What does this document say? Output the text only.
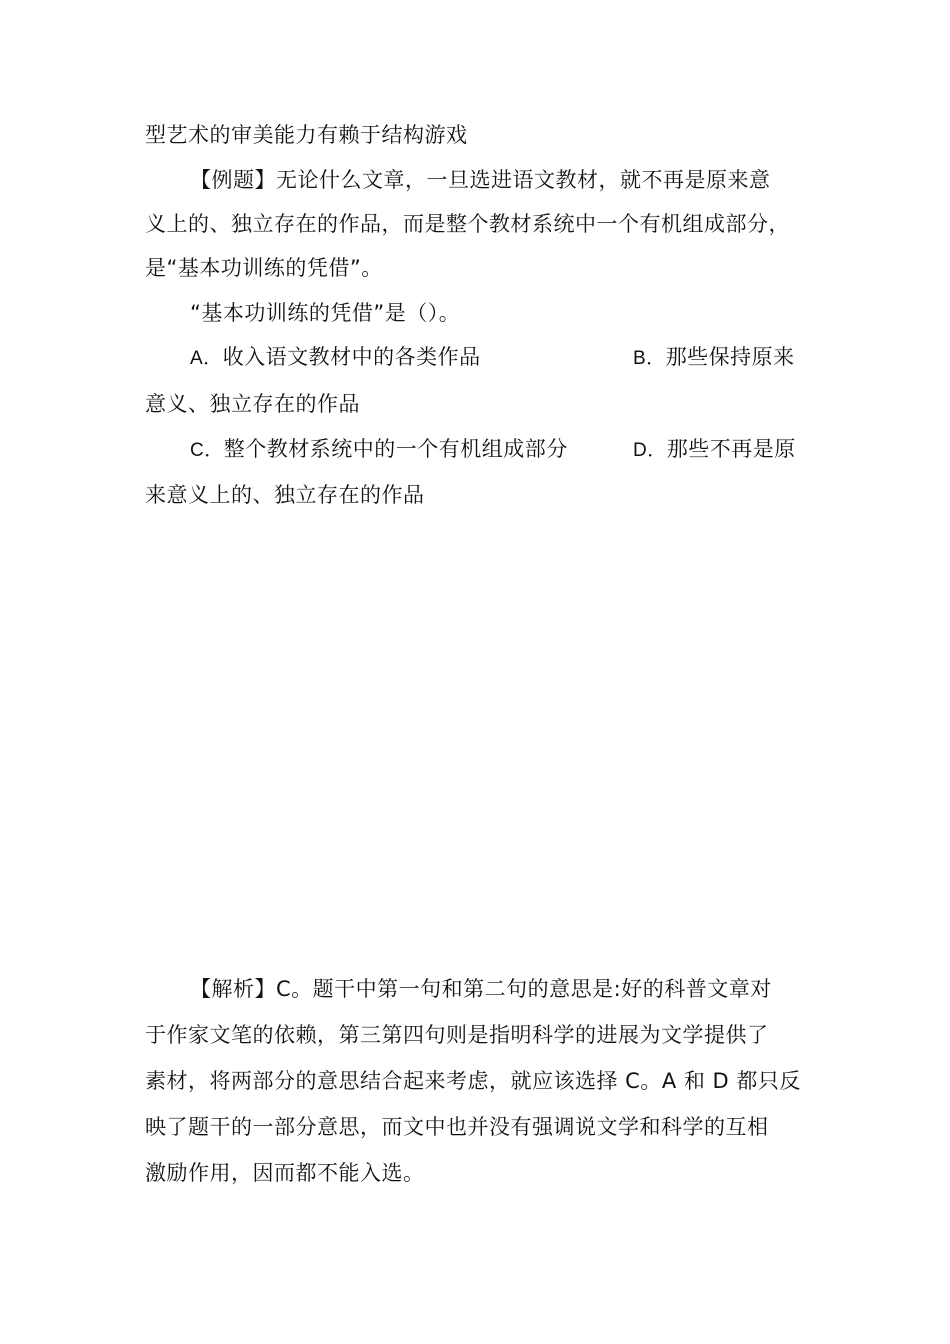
型艺术的审美能力有赖于结构游戏
【例题】无论什么文章，一旦选进语文教材，就不再是原来意
义上的、独立存在的作品，而是整个教材系统中一个有机组成部分，
是“基本功训练的凭借”。
“基本功训练的凭借”是（）。
A．收入语文教材中的各类作品	B．那些保持原来
意义、独立存在的作品
C．整个教材系统中的一个有机组成部分	D．那些不再是原
来意义上的、独立存在的作品
【解析】C。题干中第一句和第二句的意思是:好的科普文章对
于作家文笔的依赖，第三第四句则是指明科学的进展为文学提供了
素材，将两部分的意思结合起来考虑，就应该选择 C。A 和 D 都只反
映了题干的一部分意思，而文中也并没有强调说文学和科学的互相
激励作用，因而都不能入选。
